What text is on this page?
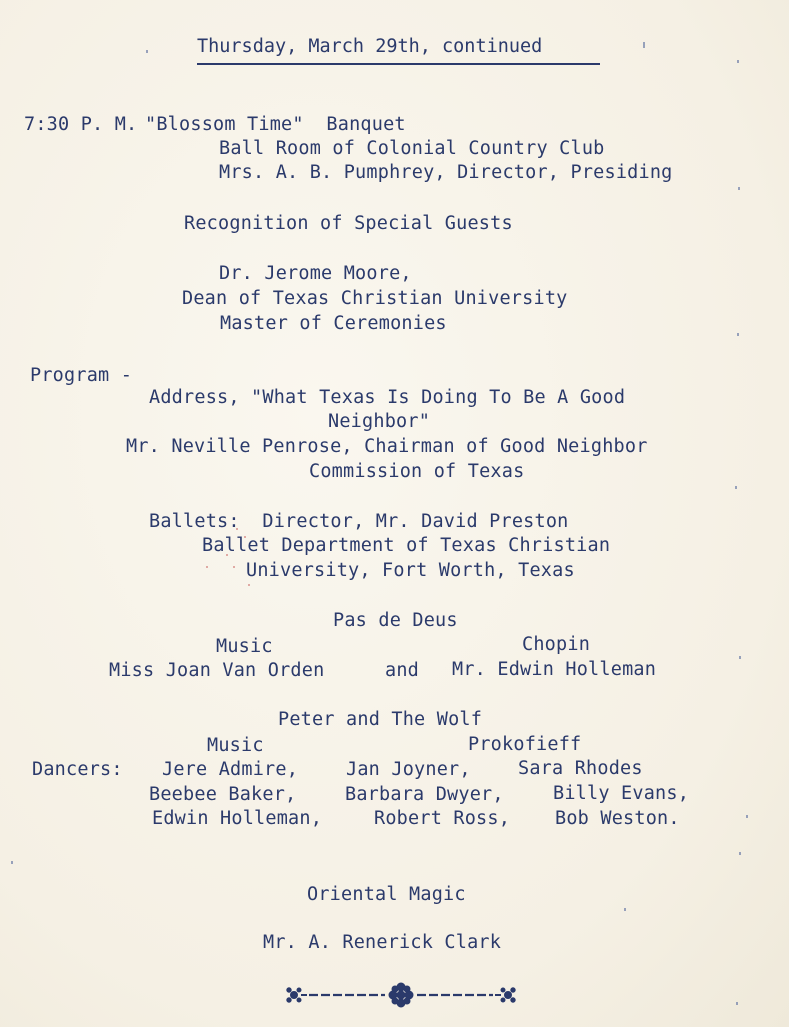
Thursday, March 29th, continued
7:30 P. M. "Blossom Time"  Banquet
Ball Room of Colonial Country Club
Mrs. A. B. Pumphrey, Director, Presiding
Recognition of Special Guests
Dr. Jerome Moore,
Dean of Texas Christian University
Master of Ceremonies
Program -
Address, "What Texas Is Doing To Be A Good
Neighbor"
Mr. Neville Penrose, Chairman of Good Neighbor
Commission of Texas
Ballets:  Director, Mr. David Preston
Ballet Department of Texas Christian
University, Fort Worth, Texas
Pas de Deus
Music	Chopin
Miss Joan Van Orden	and Mr. Edwin Holleman
Peter and The Wolf
Music	Prokofieff
Dancers: Jere Admire,	Jan Joyner,	Sara Rhodes
Beebee Baker,	Barbara Dwyer,	Billy Evans,
Edwin Holleman,	Robert Ross, Bob Weston.
Oriental Magic
Mr. A. Renerick Clark
